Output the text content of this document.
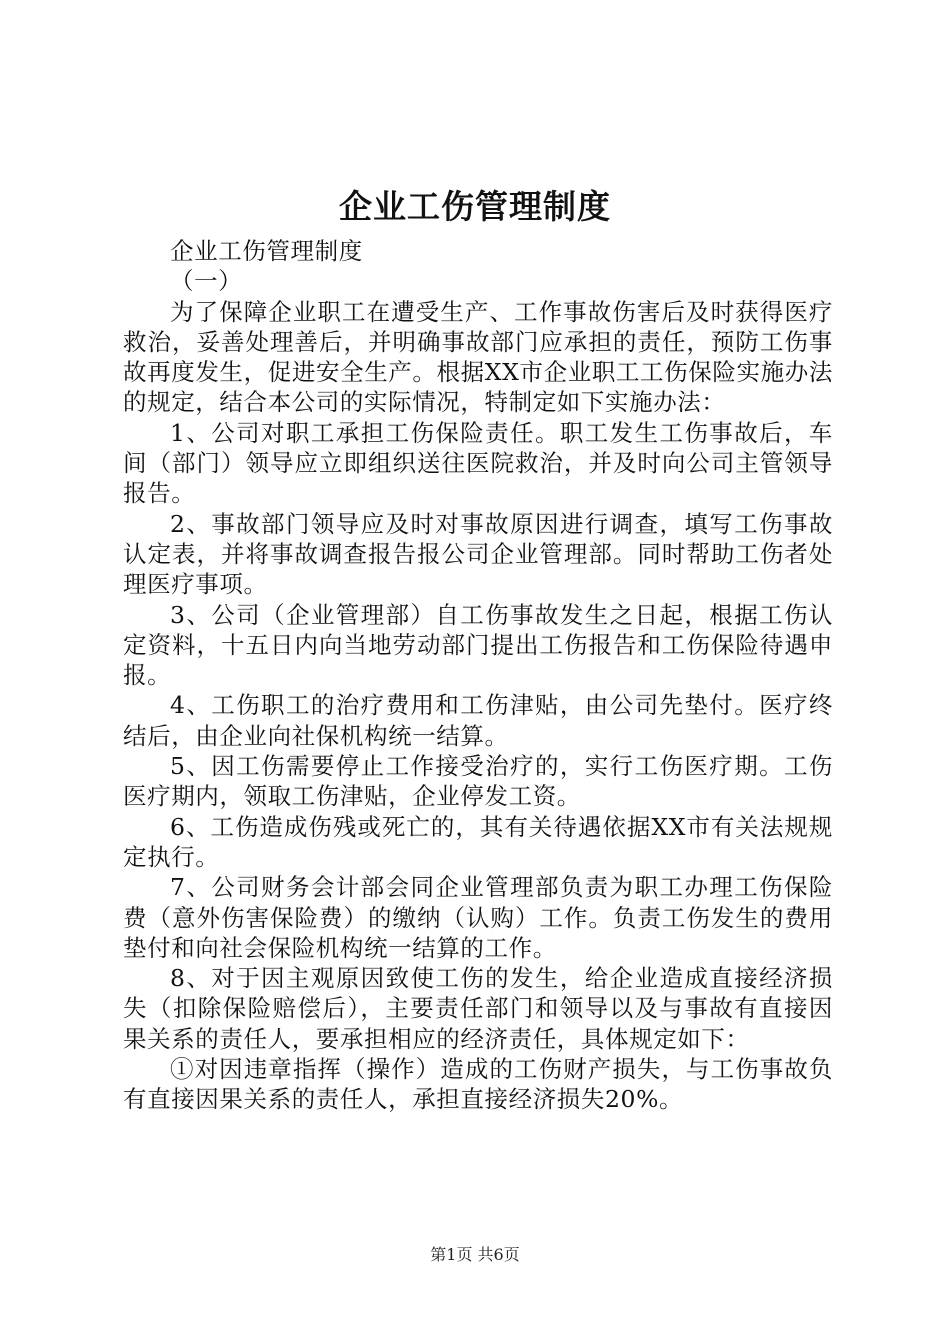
企业工伤管理制度

企业工伤管理制度

（一）

为了保障企业职工在遭受生产、工作事故伤害后及时获得医疗救治，妥善处理善后，并明确事故部门应承担的责任，预防工伤事故再度发生，促进安全生产。根据XX市企业职工工伤保险实施办法的规定，结合本公司的实际情况，特制定如下实施办法：

1、公司对职工承担工伤保险责任。职工发生工伤事故后，车间（部门）领导应立即组织送往医院救治，并及时向公司主管领导报告。

2、事故部门领导应及时对事故原因进行调查，填写工伤事故认定表，并将事故调查报告报公司企业管理部。同时帮助工伤者处理医疗事项。

3、公司（企业管理部）自工伤事故发生之日起，根据工伤认定资料，十五日内向当地劳动部门提出工伤报告和工伤保险待遇申报。

4、工伤职工的治疗费用和工伤津贴，由公司先垫付。医疗终结后，由企业向社保机构统一结算。

5、因工伤需要停止工作接受治疗的，实行工伤医疗期。工伤医疗期内，领取工伤津贴，企业停发工资。

6、工伤造成伤残或死亡的，其有关待遇依据XX市有关法规规定执行。

7、公司财务会计部会同企业管理部负责为职工办理工伤保险费（意外伤害保险费）的缴纳（认购）工作。负责工伤发生的费用垫付和向社会保险机构统一结算的工作。

8、对于因主观原因致使工伤的发生，给企业造成直接经济损失（扣除保险赔偿后），主要责任部门和领导以及与事故有直接因果关系的责任人，要承担相应的经济责任，具体规定如下：

①对因违章指挥（操作）造成的工伤财产损失，与工伤事故负有直接因果关系的责任人，承担直接经济损失20%。

第1页 共6页
